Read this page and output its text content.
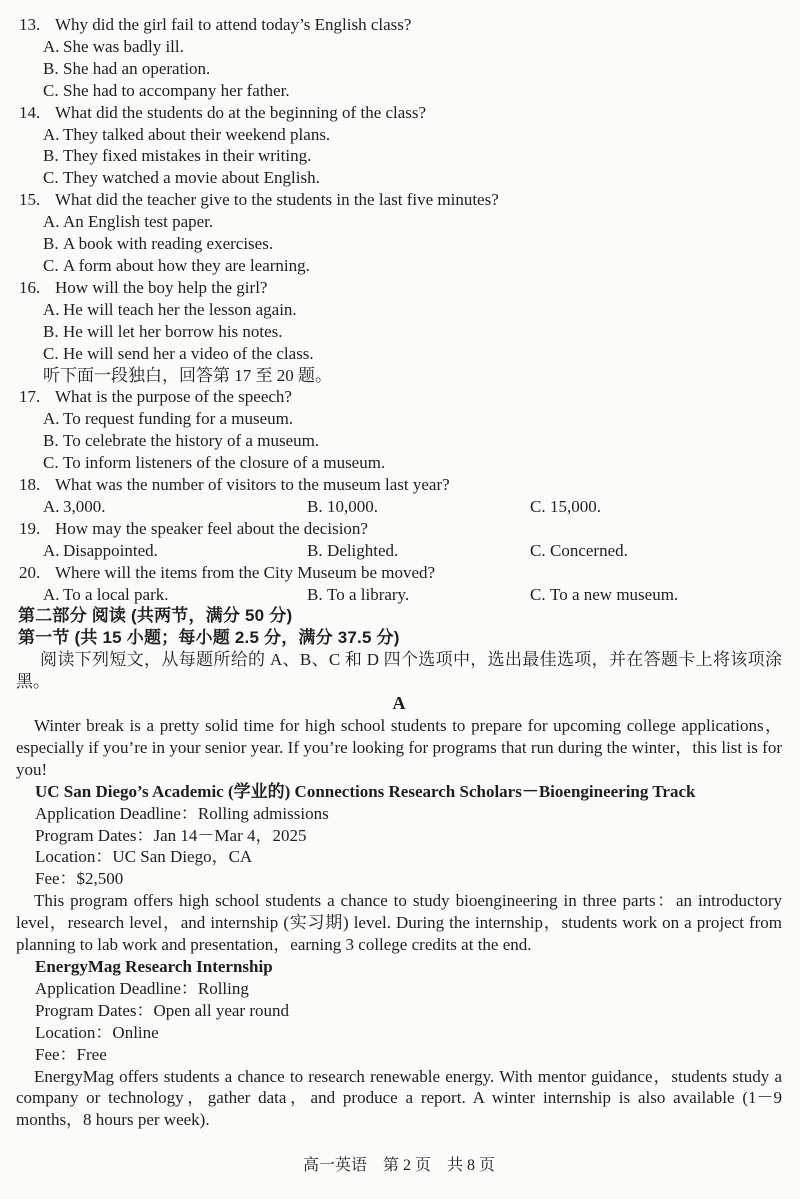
13. Why did the girl fail to attend today’s English class?
A. She was badly ill.
B. She had an operation.
C. She had to accompany her father.
14. What did the students do at the beginning of the class?
A. They talked about their weekend plans.
B. They fixed mistakes in their writing.
C. They watched a movie about English.
15. What did the teacher give to the students in the last five minutes?
A. An English test paper.
B. A book with reading exercises.
C. A form about how they are learning.
16. How will the boy help the girl?
A. He will teach her the lesson again.
B. He will let her borrow his notes.
C. He will send her a video of the class.
听下面一段独白，回答第 17 至 20 题。
17. What is the purpose of the speech?
A. To request funding for a museum.
B. To celebrate the history of a museum.
C. To inform listeners of the closure of a museum.
18. What was the number of visitors to the museum last year?
A. 3,000.	B. 10,000.	C. 15,000.
19. How may the speaker feel about the decision?
A. Disappointed.	B. Delighted.	C. Concerned.
20. Where will the items from the City Museum be moved?
A. To a local park.	B. To a library.	C. To a new museum.
第二部分 阅读 (共两节，满分 50 分)
第一节 (共 15 小题；每小题 2.5 分，满分 37.5 分)

阅读下列短文，从每题所给的 A、B、C 和 D 四个选项中，选出最佳选项，并在答题卡上将该项涂黑。

A

Winter break is a pretty solid time for high school students to prepare for upcoming college applications，especially if you’re in your senior year. If you’re looking for programs that run during the winter，this list is for you!

UC San Diego’s Academic (学业的) Connections Research Scholars－Bioengineering Track
Application Deadline：Rolling admissions
Program Dates：Jan 14－Mar 4，2025
Location：UC San Diego，CA
Fee：$2,500

This program offers high school students a chance to study bioengineering in three parts：an introductory level，research level，and internship (实习期) level. During the internship，students work on a project from planning to lab work and presentation，earning 3 college credits at the end.

EnergyMag Research Internship
Application Deadline：Rolling
Program Dates：Open all year round
Location：Online
Fee：Free

EnergyMag offers students a chance to research renewable energy. With mentor guidance，students study a company or technology，gather data，and produce a report. A winter internship is also available (1－9 months，8 hours per week).

高一英语　第 2 页　共 8 页
